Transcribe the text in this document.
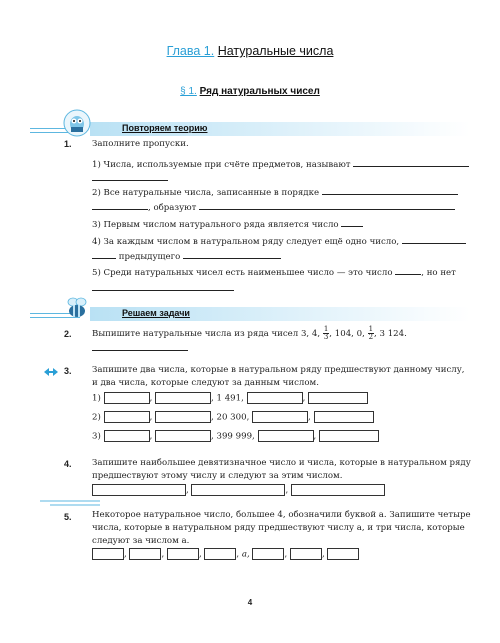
Глава 1. Натуральные числа
§ 1. Ряд натуральных чисел
Повторяем теорию
1. Заполните пропуски.
1) Числа, используемые при счёте предметов, называют
2) Все натуральные числа, записанные в порядке
, образуют
3) Первым числом натурального ряда является число
4) За каждым числом в натуральном ряду следует ещё одно число,
предыдущего
5) Среди натуральных чисел есть наименьшее число — это число	, но нет
Решаем задачи
2. Выпишите натуральные числа из ряда чисел 3, 4, $\frac{1}{3}$ , 104, 0, $\frac{1}{2}$ , 3 124.
3. Запишите два числа, которые в натуральном ряду предшествуют данному числу, и два числа, которые следуют за данным числом.
1)	,	, 1 491,	,
2)	,	, 20 300,	,
3)	,	, 399 999,	,
4. Запишите наибольшее девятизначное число и числа, которые в натуральном ряду предшествуют этому числу и следуют за этим числом.
,	,
5. Некоторое натуральное число, большее 4, обозначили буквой a. Запишите четыре числа, которые в натуральном ряду предшествуют числу a, и три числа, которые следуют за числом a.
,	,	,	, a,	,	,
4
